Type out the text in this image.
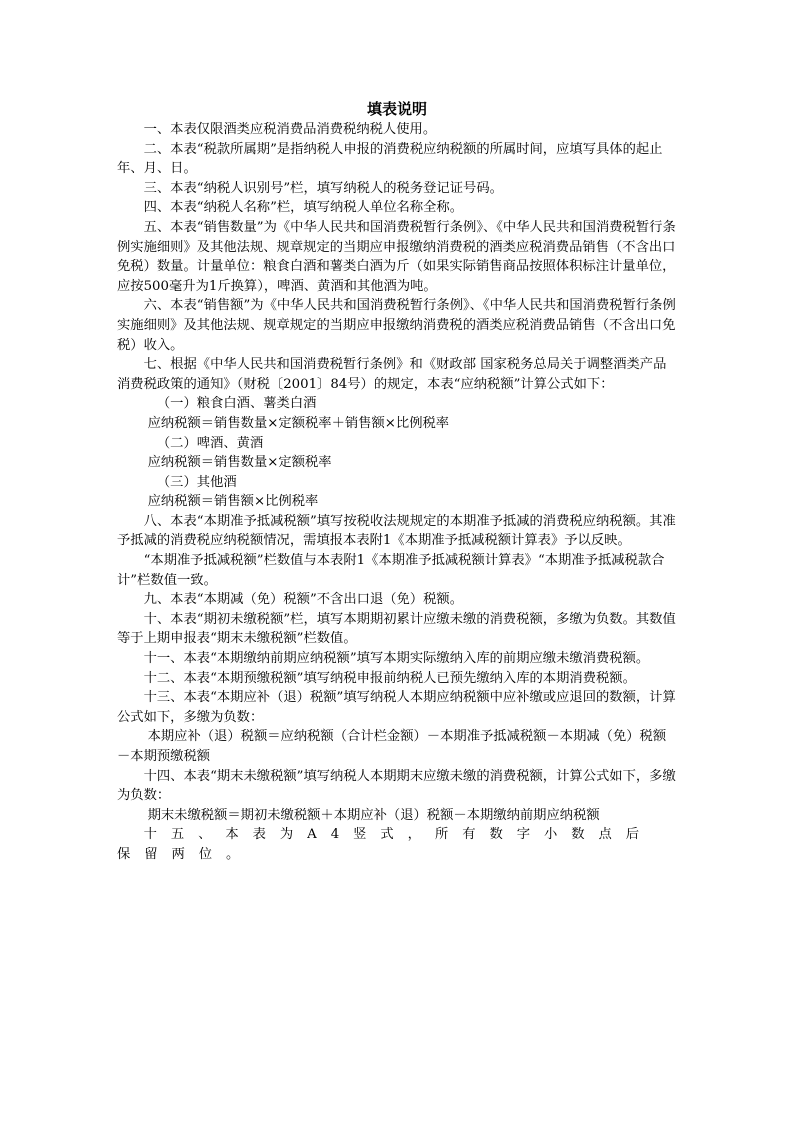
填表说明

一、本表仅限酒类应税消费品消费税纳税人使用。

二、本表“税款所属期”是指纳税人申报的消费税应纳税额的所属时间，应填写具体的起止年、月、日。

三、本表“纳税人识别号”栏，填写纳税人的税务登记证号码。

四、本表“纳税人名称”栏，填写纳税人单位名称全称。

五、本表“销售数量”为《中华人民共和国消费税暂行条例》、《中华人民共和国消费税暂行条例实施细则》及其他法规、规章规定的当期应申报缴纳消费税的酒类应税消费品销售（不含出口免税）数量。计量单位：粮食白酒和薯类白酒为斤（如果实际销售商品按照体积标注计量单位，应按500毫升为1斤换算），啤酒、黄酒和其他酒为吨。

六、本表“销售额”为《中华人民共和国消费税暂行条例》、《中华人民共和国消费税暂行条例实施细则》及其他法规、规章规定的当期应申报缴纳消费税的酒类应税消费品销售（不含出口免税）收入。

七、根据《中华人民共和国消费税暂行条例》和《财政部 国家税务总局关于调整酒类产品消费税政策的通知》（财税〔2001〕84号）的规定，本表“应纳税额”计算公式如下：

（一）粮食白酒、薯类白酒

应纳税额＝销售数量×定额税率＋销售额×比例税率

（二）啤酒、黄酒

应纳税额＝销售数量×定额税率

（三）其他酒

应纳税额＝销售额×比例税率

八、本表“本期准予抵减税额”填写按税收法规规定的本期准予抵减的消费税应纳税额。其准予抵减的消费税应纳税额情况，需填报本表附1《本期准予抵减税额计算表》予以反映。

“本期准予抵减税额”栏数值与本表附1《本期准予抵减税额计算表》“本期准予抵减税款合计”栏数值一致。

九、本表“本期减（免）税额”不含出口退（免）税额。

十、本表“期初未缴税额”栏，填写本期期初累计应缴未缴的消费税额，多缴为负数。其数值等于上期申报表“期末未缴税额”栏数值。

十一、本表“本期缴纳前期应纳税额”填写本期实际缴纳入库的前期应缴未缴消费税额。

十二、本表“本期预缴税额”填写纳税申报前纳税人已预先缴纳入库的本期消费税额。

十三、本表“本期应补（退）税额”填写纳税人本期应纳税额中应补缴或应退回的数额，计算公式如下，多缴为负数：

本期应补（退）税额＝应纳税额（合计栏金额）－本期准予抵减税额－本期减（免）税额－本期预缴税额

十四、本表“期末未缴税额”填写纳税人本期期末应缴未缴的消费税额，计算公式如下，多缴为负数：

期末未缴税额＝期初未缴税额＋本期应补（退）税额－本期缴纳前期应纳税额

十五、本表为A4竖式，所有数字小数点后保留两位。
